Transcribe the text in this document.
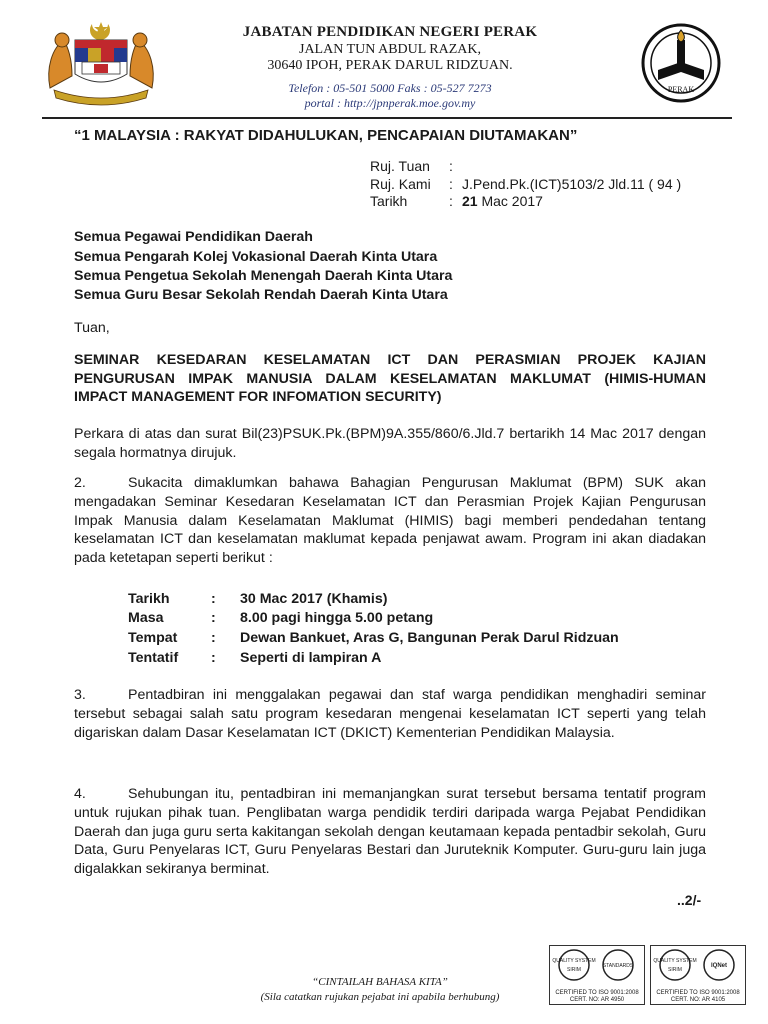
JABATAN PENDIDIKAN NEGERI PERAK
JALAN TUN ABDUL RAZAK,
30640 IPOH, PERAK DARUL RIDZUAN.
Telefon : 05-501 5000 Faks : 05-527 7273
portal : http://jpnperak.moe.gov.my
PERAK
“1 MALAYSIA : RAKYAT DIDAHULUKAN, PENCAPAIAN DIUTAMAKAN”
Ruj. Tuan :
Ruj. Kami : J.Pend.Pk.(ICT)5103/2 Jld.11 ( 94 )
Tarikh	: 21 Mac 2017
Semua Pegawai Pendidikan Daerah
Semua Pengarah Kolej Vokasional Daerah Kinta Utara
Semua Pengetua Sekolah Menengah Daerah Kinta Utara
Semua Guru Besar Sekolah Rendah Daerah Kinta Utara
Tuan,
SEMINAR KESEDARAN KESELAMATAN ICT DAN PERASMIAN PROJEK KAJIAN PENGURUSAN IMPAK MANUSIA DALAM KESELAMATAN MAKLUMAT (HIMIS-HUMAN IMPACT MANAGEMENT FOR INFOMATION SECURITY)
Perkara di atas dan surat Bil(23)PSUK.Pk.(BPM)9A.355/860/6.Jld.7 bertarikh 14 Mac 2017 dengan segala hormatnya dirujuk.
2.	Sukacita dimaklumkan bahawa Bahagian Pengurusan Maklumat (BPM) SUK akan mengadakan Seminar Kesedaran Keselamatan ICT dan Perasmian Projek Kajian Pengurusan Impak Manusia dalam Keselamatan Maklumat (HIMIS) bagi memberi pendedahan tentang keselamatan ICT dan keselamatan maklumat kepada penjawat awam. Program ini akan diadakan pada ketetapan seperti berikut :
Tarikh	: 30 Mac 2017 (Khamis)
Masa	: 8.00 pagi hingga 5.00 petang
Tempat : Dewan Bankuet, Aras G, Bangunan Perak Darul Ridzuan
Tentatif : Seperti di lampiran A
3.	Pentadbiran ini menggalakan pegawai dan staf warga pendidikan menghadiri seminar tersebut sebagai salah satu program kesedaran mengenai keselamatan ICT seperti yang telah digariskan dalam Dasar Keselamatan ICT (DKICT) Kementerian Pendidikan Malaysia.
4.	Sehubungan itu, pentadbiran ini memanjangkan surat tersebut bersama tentatif program untuk rujukan pihak tuan. Penglibatan warga pendidik terdiri daripada warga Pejabat Pendidikan Daerah dan juga guru serta kakitangan sekolah dengan keutamaan kepada pentadbir sekolah, Guru Data, Guru Penyelaras ICT, Guru Penyelaras Bestari dan Juruteknik Komputer. Guru-guru lain juga digalakkan sekiranya berminat.
..2/-
“CINTAILAH BAHASA KITA”
(Sila catatkan rujukan pejabat ini apabila berhubung)
QUALITY SYSTEM
SIRIM
STANDARDS
CERTIFIED TO ISO 9001:2008
CERT. NO: AR 4950
QUALITY SYSTEM
SIRIM
IQNet
CERTIFIED TO ISO 9001:2008
CERT. NO: AR 4105
